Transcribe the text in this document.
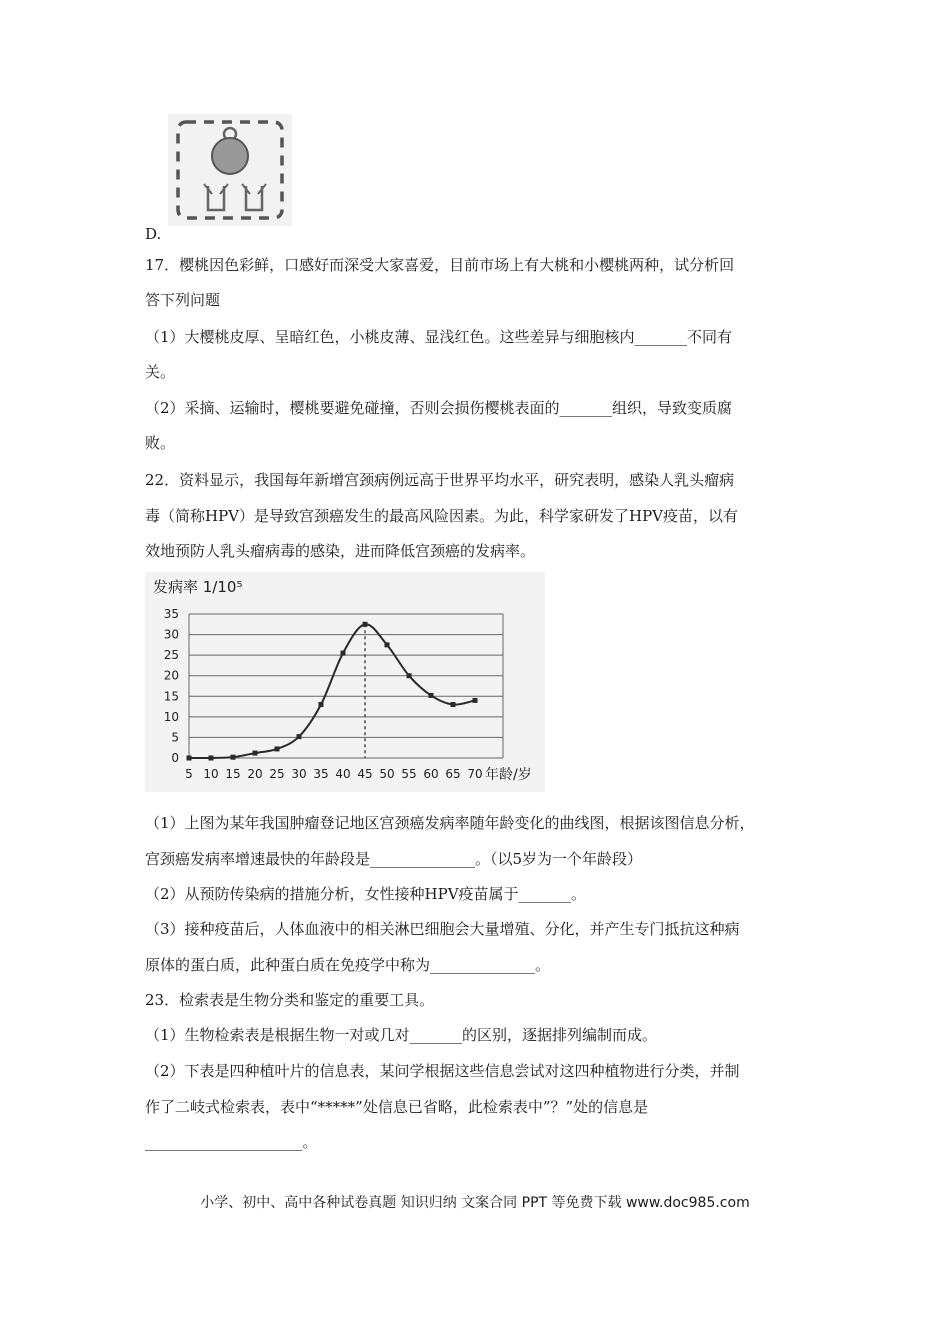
D.
17．樱桃因色彩鲜，口感好而深受大家喜爱，目前市场上有大桃和小樱桃两种，试分析回
答下列问题
（1）大樱桃皮厚、呈暗红色，小桃皮薄、显浅红色。这些差异与细胞核内_______不同有
关。
（2）采摘、运输时，樱桃要避免碰撞，否则会损伤樱桃表面的_______组织，导致变质腐
败。
22．资料显示，我国每年新增宫颈病例远高于世界平均水平，研究表明，感染人乳头瘤病
毒（简称HPV）是导致宫颈癌发生的最高风险因素。为此，科学家研发了HPV疫苗，以有
效地预防人乳头瘤病毒的感染，进而降低宫颈癌的发病率。
（1）上图为某年我国肿瘤登记地区宫颈癌发病率随年龄变化的曲线图，根据该图信息分析，
宫颈癌发病率增速最快的年龄段是______________。（以5岁为一个年龄段）
（2）从预防传染病的措施分析，女性接种HPV疫苗属于_______。
（3）接种疫苗后，人体血液中的相关淋巴细胞会大量增殖、分化，并产生专门抵抗这种病
原体的蛋白质，此种蛋白质在免疫学中称为______________。
23．检索表是生物分类和鉴定的重要工具。
（1）生物检索表是根据生物一对或几对_______的区别，逐据排列编制而成。
（2）下表是四种植叶片的信息表，某问学根据这些信息尝试对这四种植物进行分类，并制
作了二岐式检索表，表中“*****”处信息已省略，此检索表中”？”处的信息是
_____________________。
发病率 1/10⁵
0
5
10
15
20
25
30
35
5 10 15 20 25 30 35 40 45 50 55 60 65 70 年龄/岁
小学、初中、高中各种试卷真题 知识归纳 文案合同 PPT 等免费下载 www.doc985.com
